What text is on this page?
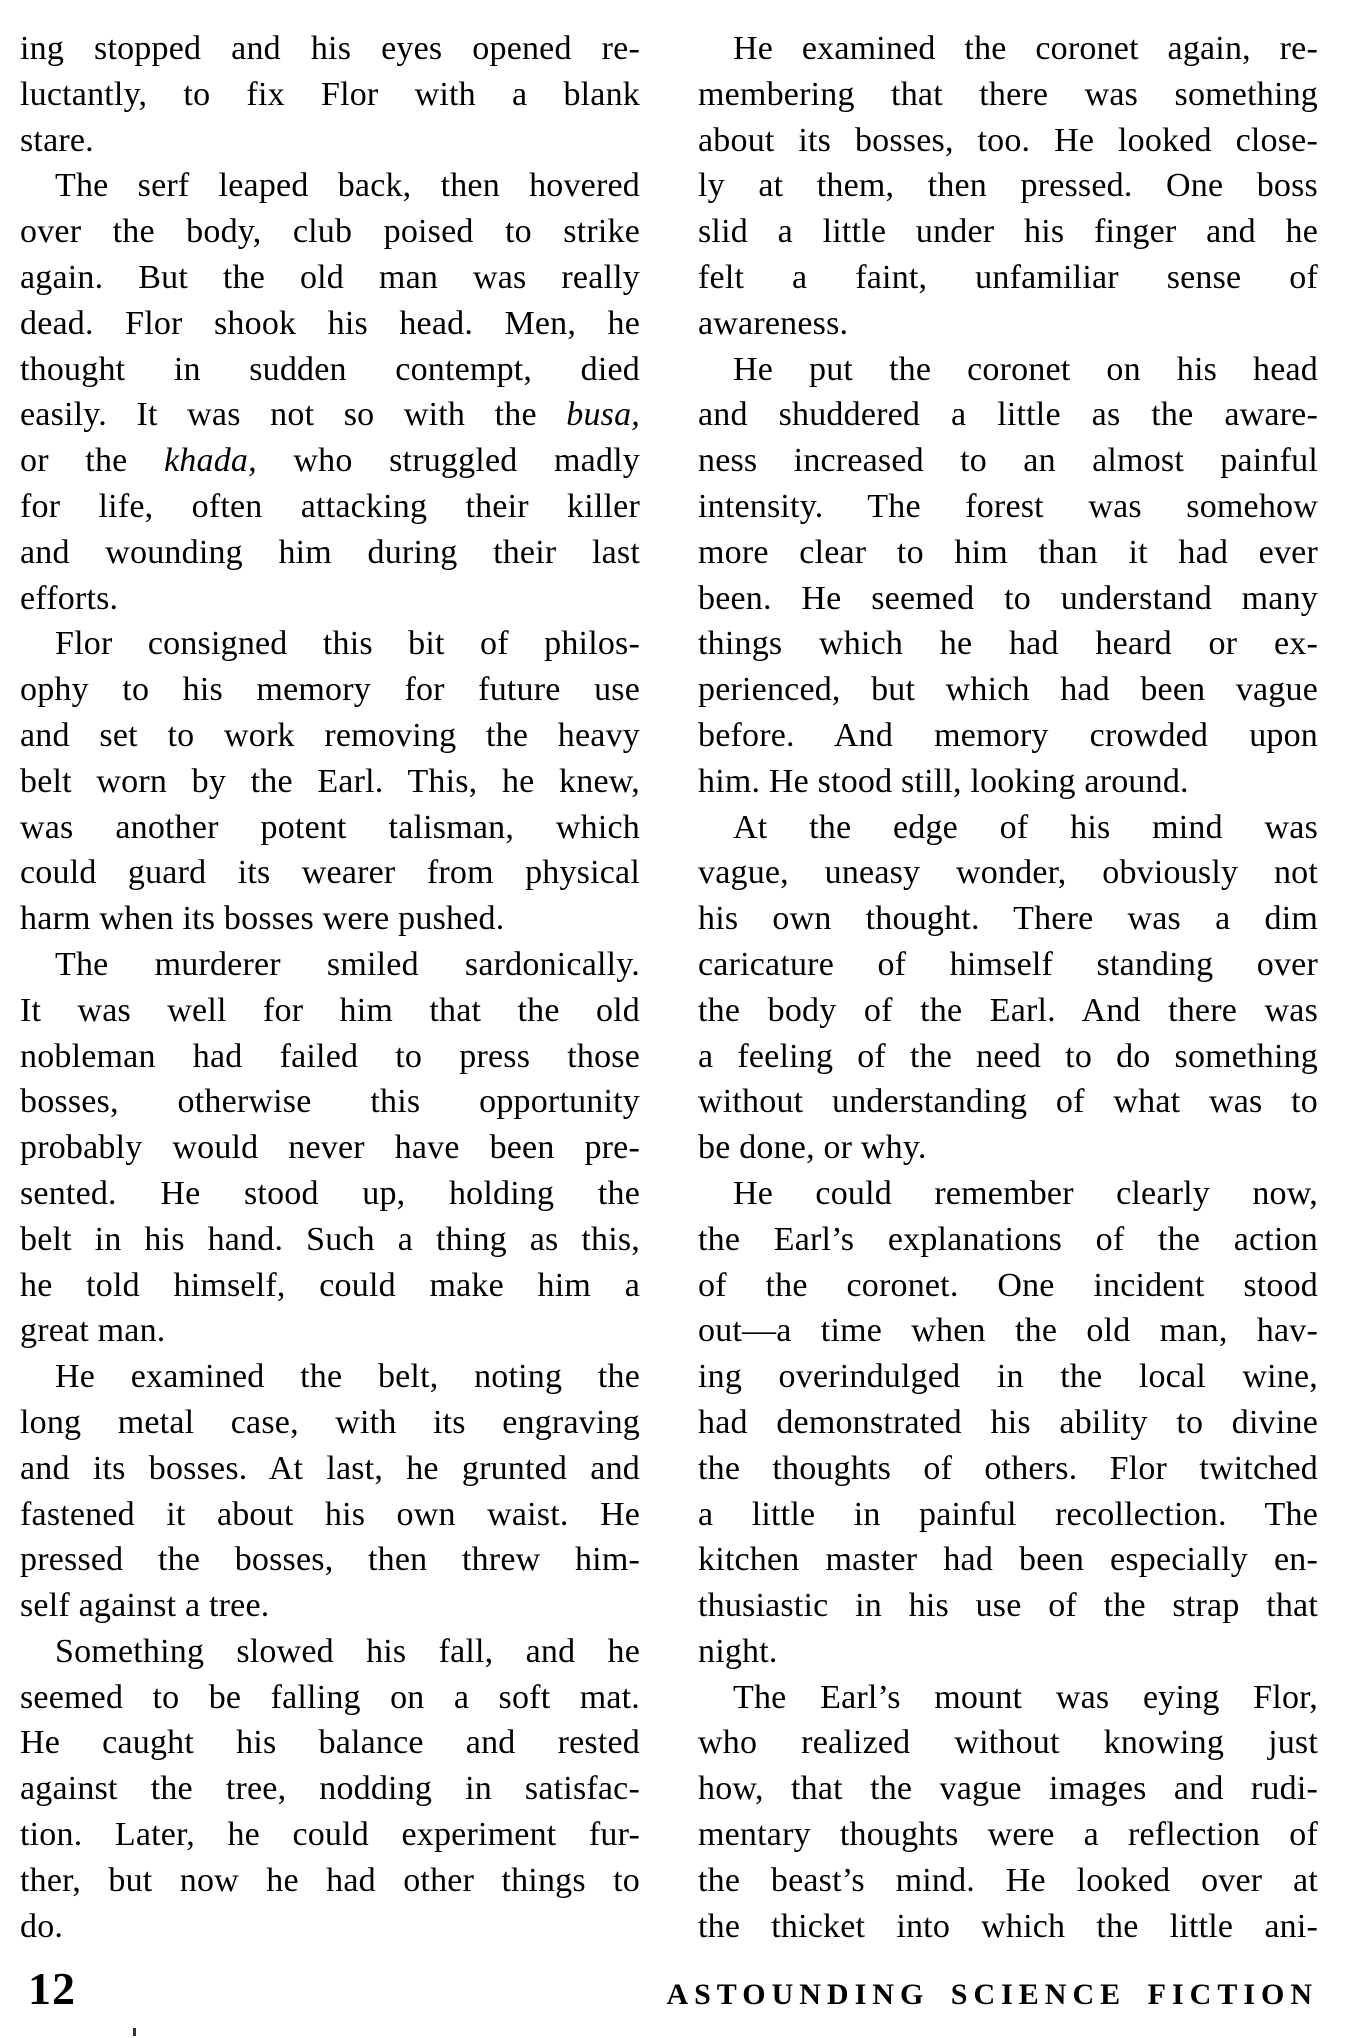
ing stopped and his eyes opened re-
luctantly, to fix Flor with a blank
stare.
The serf leaped back, then hovered
over the body, club poised to strike
again. But the old man was really
dead. Flor shook his head. Men, he
thought in sudden contempt, died
easily. It was not so with the busa,
or the khada, who struggled madly
for life, often attacking their killer
and wounding him during their last
efforts.
Flor consigned this bit of philos-
ophy to his memory for future use
and set to work removing the heavy
belt worn by the Earl. This, he knew,
was another potent talisman, which
could guard its wearer from physical
harm when its bosses were pushed.
The murderer smiled sardonically.
It was well for him that the old
nobleman had failed to press those
bosses, otherwise this opportunity
probably would never have been pre-
sented. He stood up, holding the
belt in his hand. Such a thing as this,
he told himself, could make him a
great man.
He examined the belt, noting the
long metal case, with its engraving
and its bosses. At last, he grunted and
fastened it about his own waist. He
pressed the bosses, then threw him-
self against a tree.
Something slowed his fall, and he
seemed to be falling on a soft mat.
He caught his balance and rested
against the tree, nodding in satisfac-
tion. Later, he could experiment fur-
ther, but now he had other things to
do.
He examined the coronet again, re-
membering that there was something
about its bosses, too. He looked close-
ly at them, then pressed. One boss
slid a little under his finger and he
felt a faint, unfamiliar sense of
awareness.
He put the coronet on his head
and shuddered a little as the aware-
ness increased to an almost painful
intensity. The forest was somehow
more clear to him than it had ever
been. He seemed to understand many
things which he had heard or ex-
perienced, but which had been vague
before. And memory crowded upon
him. He stood still, looking around.
At the edge of his mind was
vague, uneasy wonder, obviously not
his own thought. There was a dim
caricature of himself standing over
the body of the Earl. And there was
a feeling of the need to do something
without understanding of what was to
be done, or why.
He could remember clearly now,
the Earl’s explanations of the action
of the coronet. One incident stood
out—a time when the old man, hav-
ing overindulged in the local wine,
had demonstrated his ability to divine
the thoughts of others. Flor twitched
a little in painful recollection. The
kitchen master had been especially en-
thusiastic in his use of the strap that
night.
The Earl’s mount was eying Flor,
who realized without knowing just
how, that the vague images and rudi-
mentary thoughts were a reflection of
the beast’s mind. He looked over at
the thicket into which the little ani-
12	ASTOUNDING SCIENCE FICTION
